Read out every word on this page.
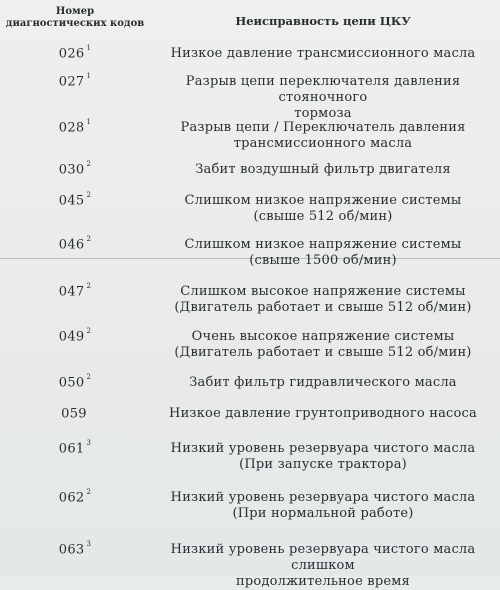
Номер
диагностических кодов	Неисправность цепи ЦКУ
026 $^1$	Низкое давление трансмиссионного масла
027 $^1$	Разрыв цепи переключателя давления стояночного
тормоза
028 $^1$	Разрыв цепи / Переключатель давления
трансмиссионного масла
030 $^2$	Забит воздушный фильтр двигателя
045 $^2$	Слишком низкое напряжение системы
(свыше 512 об/мин)
046 $^2$	Слишком низкое напряжение системы
(свыше 1500 об/мин)
047 $^2$	Слишком высокое напряжение системы
(Двигатель работает и свыше 512 об/мин)
049 $^2$	Очень высокое напряжение системы
(Двигатель работает и свыше 512 об/мин)
050 $^2$	Забит фильтр гидравлического масла
059	Низкое давление грунтоприводного насоса
061 $^3$	Низкий уровень резервуара чистого масла
(При запуске трактора)
062 $^2$	Низкий уровень резервуара чистого масла
(При нормальной работе)
063 $^3$	Низкий уровень резервуара чистого масла слишком
продолжительное время
